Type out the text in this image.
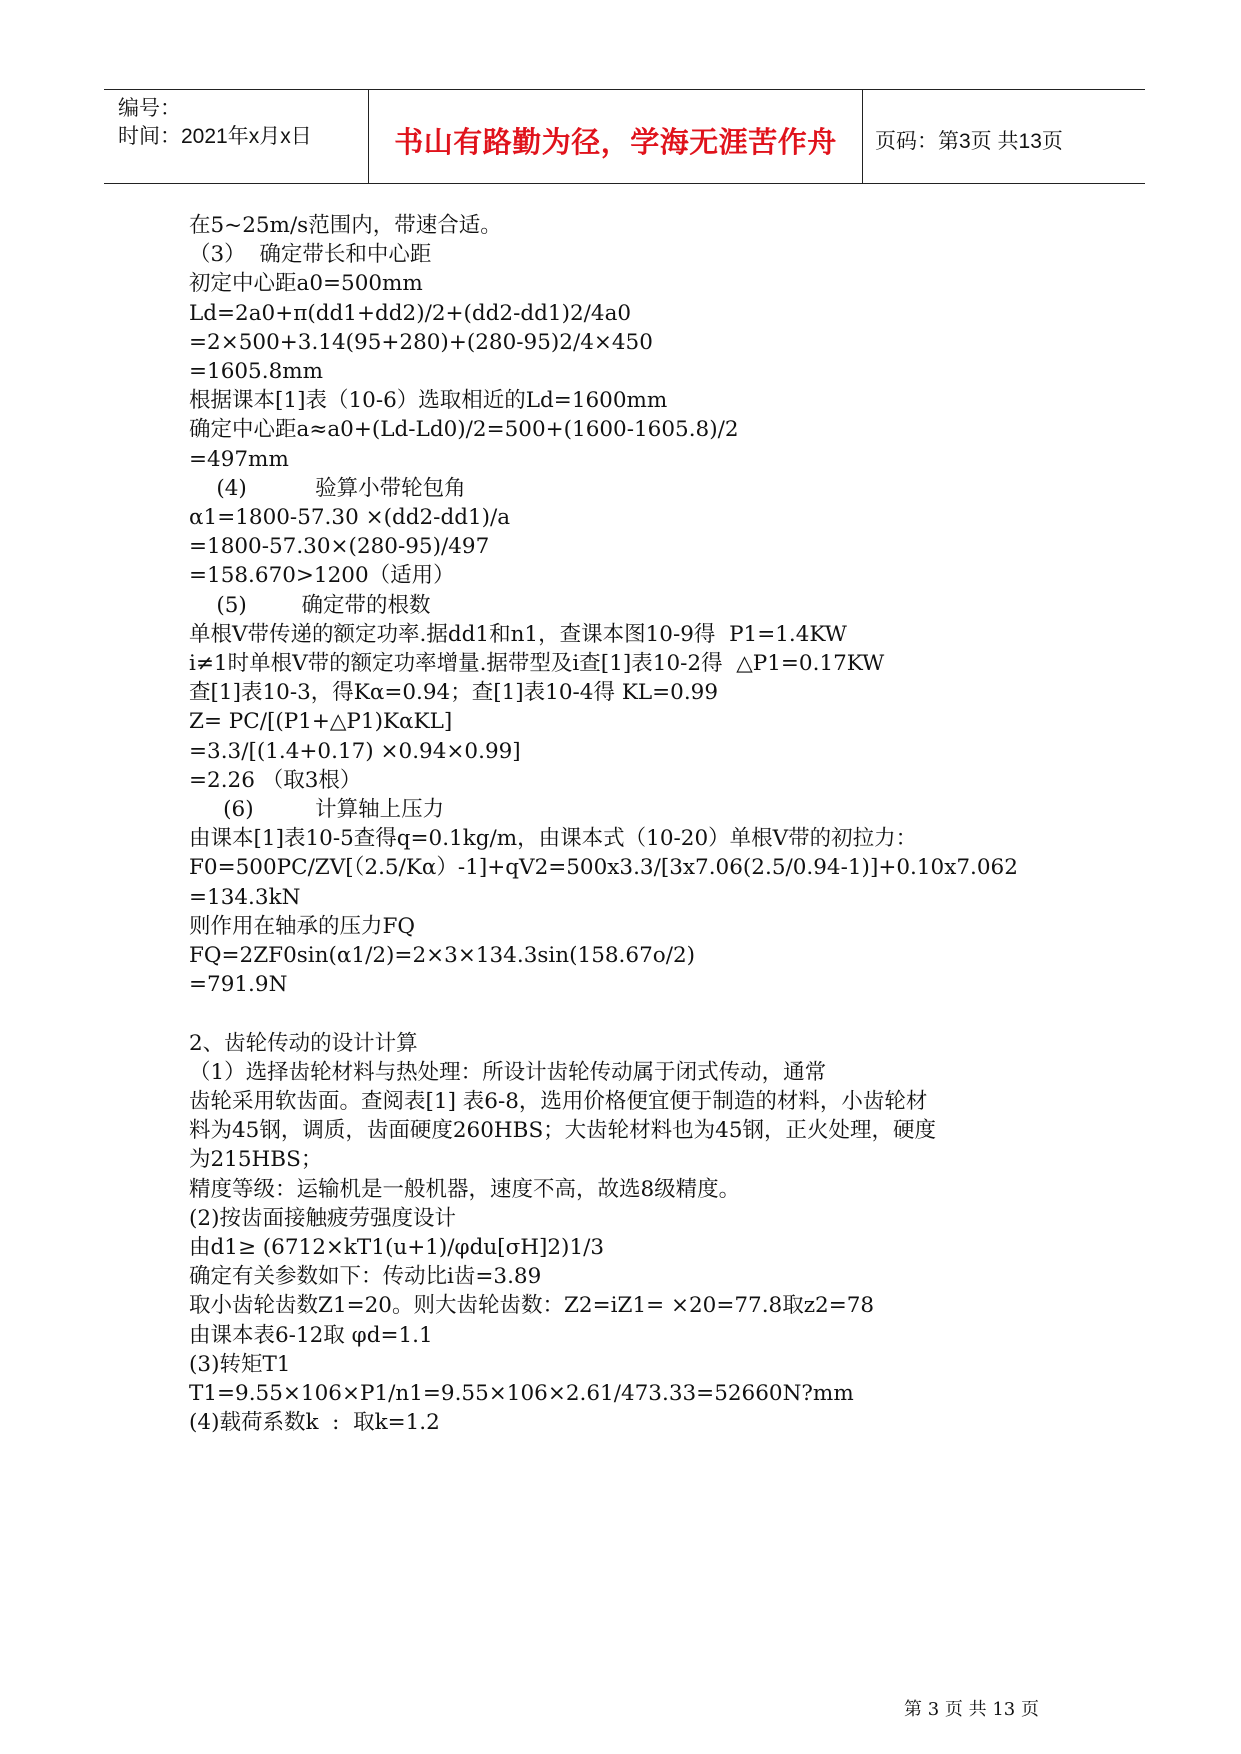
编号：
时间：2021年x月x日	书山有路勤为径，学海无涯苦作舟	页码：第3页 共13页
在5~25m/s范围内，带速合适。
（3）  确定带长和中心距
初定中心距a0=500mm
Ld=2a0+π(dd1+dd2)/2+(dd2-dd1)2/4a0
=2×500+3.14(95+280)+(280-95)2/4×450
=1605.8mm
根据课本[1]表（10-6）选取相近的Ld=1600mm
确定中心距a≈a0+(Ld-Ld0)/2=500+(1600-1605.8)/2
=497mm
(4)          验算小带轮包角
α1=1800-57.30 ×(dd2-dd1)/a
=1800-57.30×(280-95)/497
=158.670>1200（适用）
(5)        确定带的根数
单根V带传递的额定功率.据dd1和n1，查课本图10-9得  P1=1.4KW
i≠1时单根V带的额定功率增量.据带型及i查[1]表10-2得  △P1=0.17KW
查[1]表10-3，得Kα=0.94；查[1]表10-4得 KL=0.99
Z= PC/[(P1+△P1)KαKL]
=3.3/[(1.4+0.17) ×0.94×0.99]
=2.26 （取3根）
(6)         计算轴上压力
由课本[1]表10-5查得q=0.1kg/m，由课本式（10-20）单根V带的初拉力：
F0=500PC/ZV[（2.5/Kα）-1]+qV2=500x3.3/[3x7.06(2.5/0.94-1)]+0.10x7.062
=134.3kN
则作用在轴承的压力FQ
FQ=2ZF0sin(α1/2)=2×3×134.3sin(158.67o/2)
=791.9N
2、齿轮传动的设计计算
（1）选择齿轮材料与热处理：所设计齿轮传动属于闭式传动，通常
齿轮采用软齿面。查阅表[1] 表6-8，选用价格便宜便于制造的材料，小齿轮材
料为45钢，调质，齿面硬度260HBS；大齿轮材料也为45钢，正火处理，硬度
为215HBS；
精度等级：运输机是一般机器，速度不高，故选8级精度。
(2)按齿面接触疲劳强度设计
由d1≥ (6712×kT1(u+1)/φdu[σH]2)1/3
确定有关参数如下：传动比i齿=3.89
取小齿轮齿数Z1=20。则大齿轮齿数：Z2=iZ1= ×20=77.8取z2=78
由课本表6-12取 φd=1.1
(3)转矩T1
T1=9.55×106×P1/n1=9.55×106×2.61/473.33=52660N?mm
(4)载荷系数k  :  取k=1.2
第 3 页 共 13 页
